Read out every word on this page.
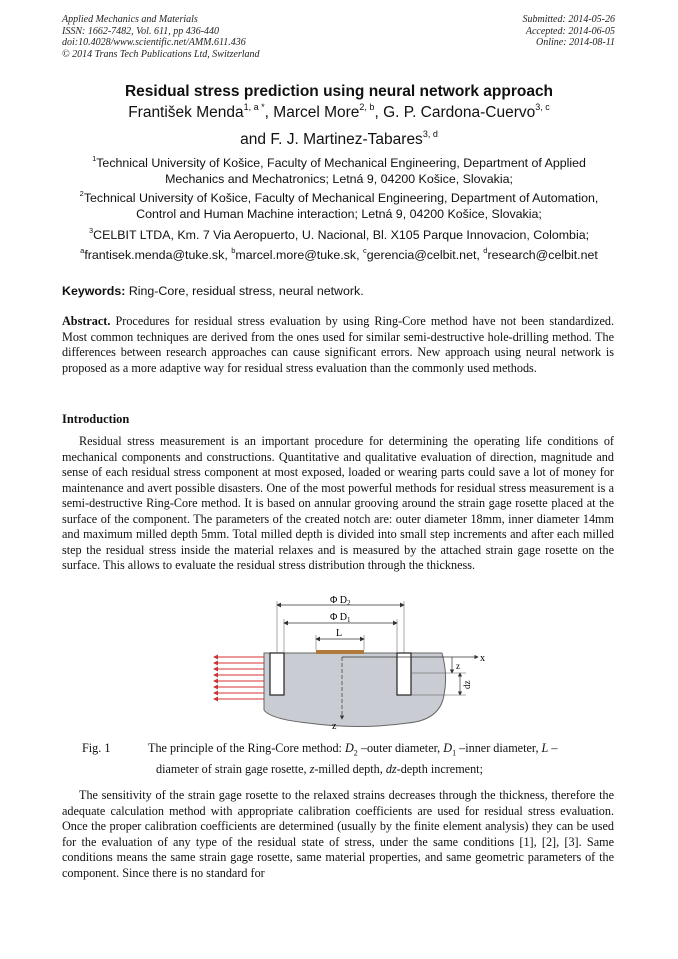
Applied Mechanics and Materials
ISSN: 1662-7482, Vol. 611, pp 436-440
doi:10.4028/www.scientific.net/AMM.611.436
© 2014 Trans Tech Publications Ltd, Switzerland
Submitted: 2014-05-26
Accepted: 2014-06-05
Online: 2014-08-11
Residual stress prediction using neural network approach
František Menda$^{1, a *}$, Marcel More$^{2, b}$, G. P. Cardona-Cuervo$^{3, c}$
and F. J. Martinez-Tabares$^{3, d}$
$^1$Technical University of Košice, Faculty of Mechanical Engineering, Department of Applied
Mechanics and Mechatronics; Letná 9, 04200 Košice, Slovakia;
$^2$Technical University of Košice, Faculty of Mechanical Engineering, Department of Automation,
Control and Human Machine interaction; Letná 9, 04200 Košice, Slovakia;
$^3$CELBIT LTDA, Km. 7 Via Aeropuerto, U. Nacional, Bl. X105 Parque Innovacion, Colombia;
$^a$frantisek.menda@tuke.sk, $^b$marcel.more@tuke.sk, $^c$gerencia@celbit.net, $^d$research@celbit.net
Keywords: Ring-Core, residual stress, neural network.
Abstract. Procedures for residual stress evaluation by using Ring-Core method have not been standardized. Most common techniques are derived from the ones used for similar semi-destructive hole-drilling method. The differences between research approaches can cause significant errors. New approach using neural network is proposed as a more adaptive way for residual stress evaluation than the commonly used methods.
Introduction
Residual stress measurement is an important procedure for determining the operating life conditions of mechanical components and constructions. Quantitative and qualitative evaluation of direction, magnitude and sense of each residual stress component at most exposed, loaded or wearing parts could save a lot of money for maintenance and avert possible disasters. One of the most powerful methods for residual stress measurement is a semi-destructive Ring-Core method. It is based on annular grooving around the strain gage rosette placed at the surface of the component. The parameters of the created notch are: outer diameter 18mm, inner diameter 14mm and maximum milled depth 5mm. Total milled depth is divided into small step increments and after each milled step the residual stress inside the material relaxes and is measured by the attached strain gage rosette on the surface. This allows to evaluate the residual stress distribution through the thickness.
Φ $D_2$
Φ $D_1$
L
x
z
z
dz
Fig. 1	The principle of the Ring-Core method: $D_2$ –outer diameter, $D_1$ –inner diameter, L –
diameter of strain gage rosette, z-milled depth, dz-depth increment;
The sensitivity of the strain gage rosette to the relaxed strains decreases through the thickness, therefore the adequate calculation method with appropriate calibration coefficients are used for residual stress evaluation. Once the proper calibration coefficients are determined (usually by the finite element analysis) they can be used for the evaluation of any type of the residual state of stress, under the same conditions [1], [2], [3]. Same conditions means the same strain gage rosette, same material properties, and same geometric parameters of the component. Since there is no standard for
